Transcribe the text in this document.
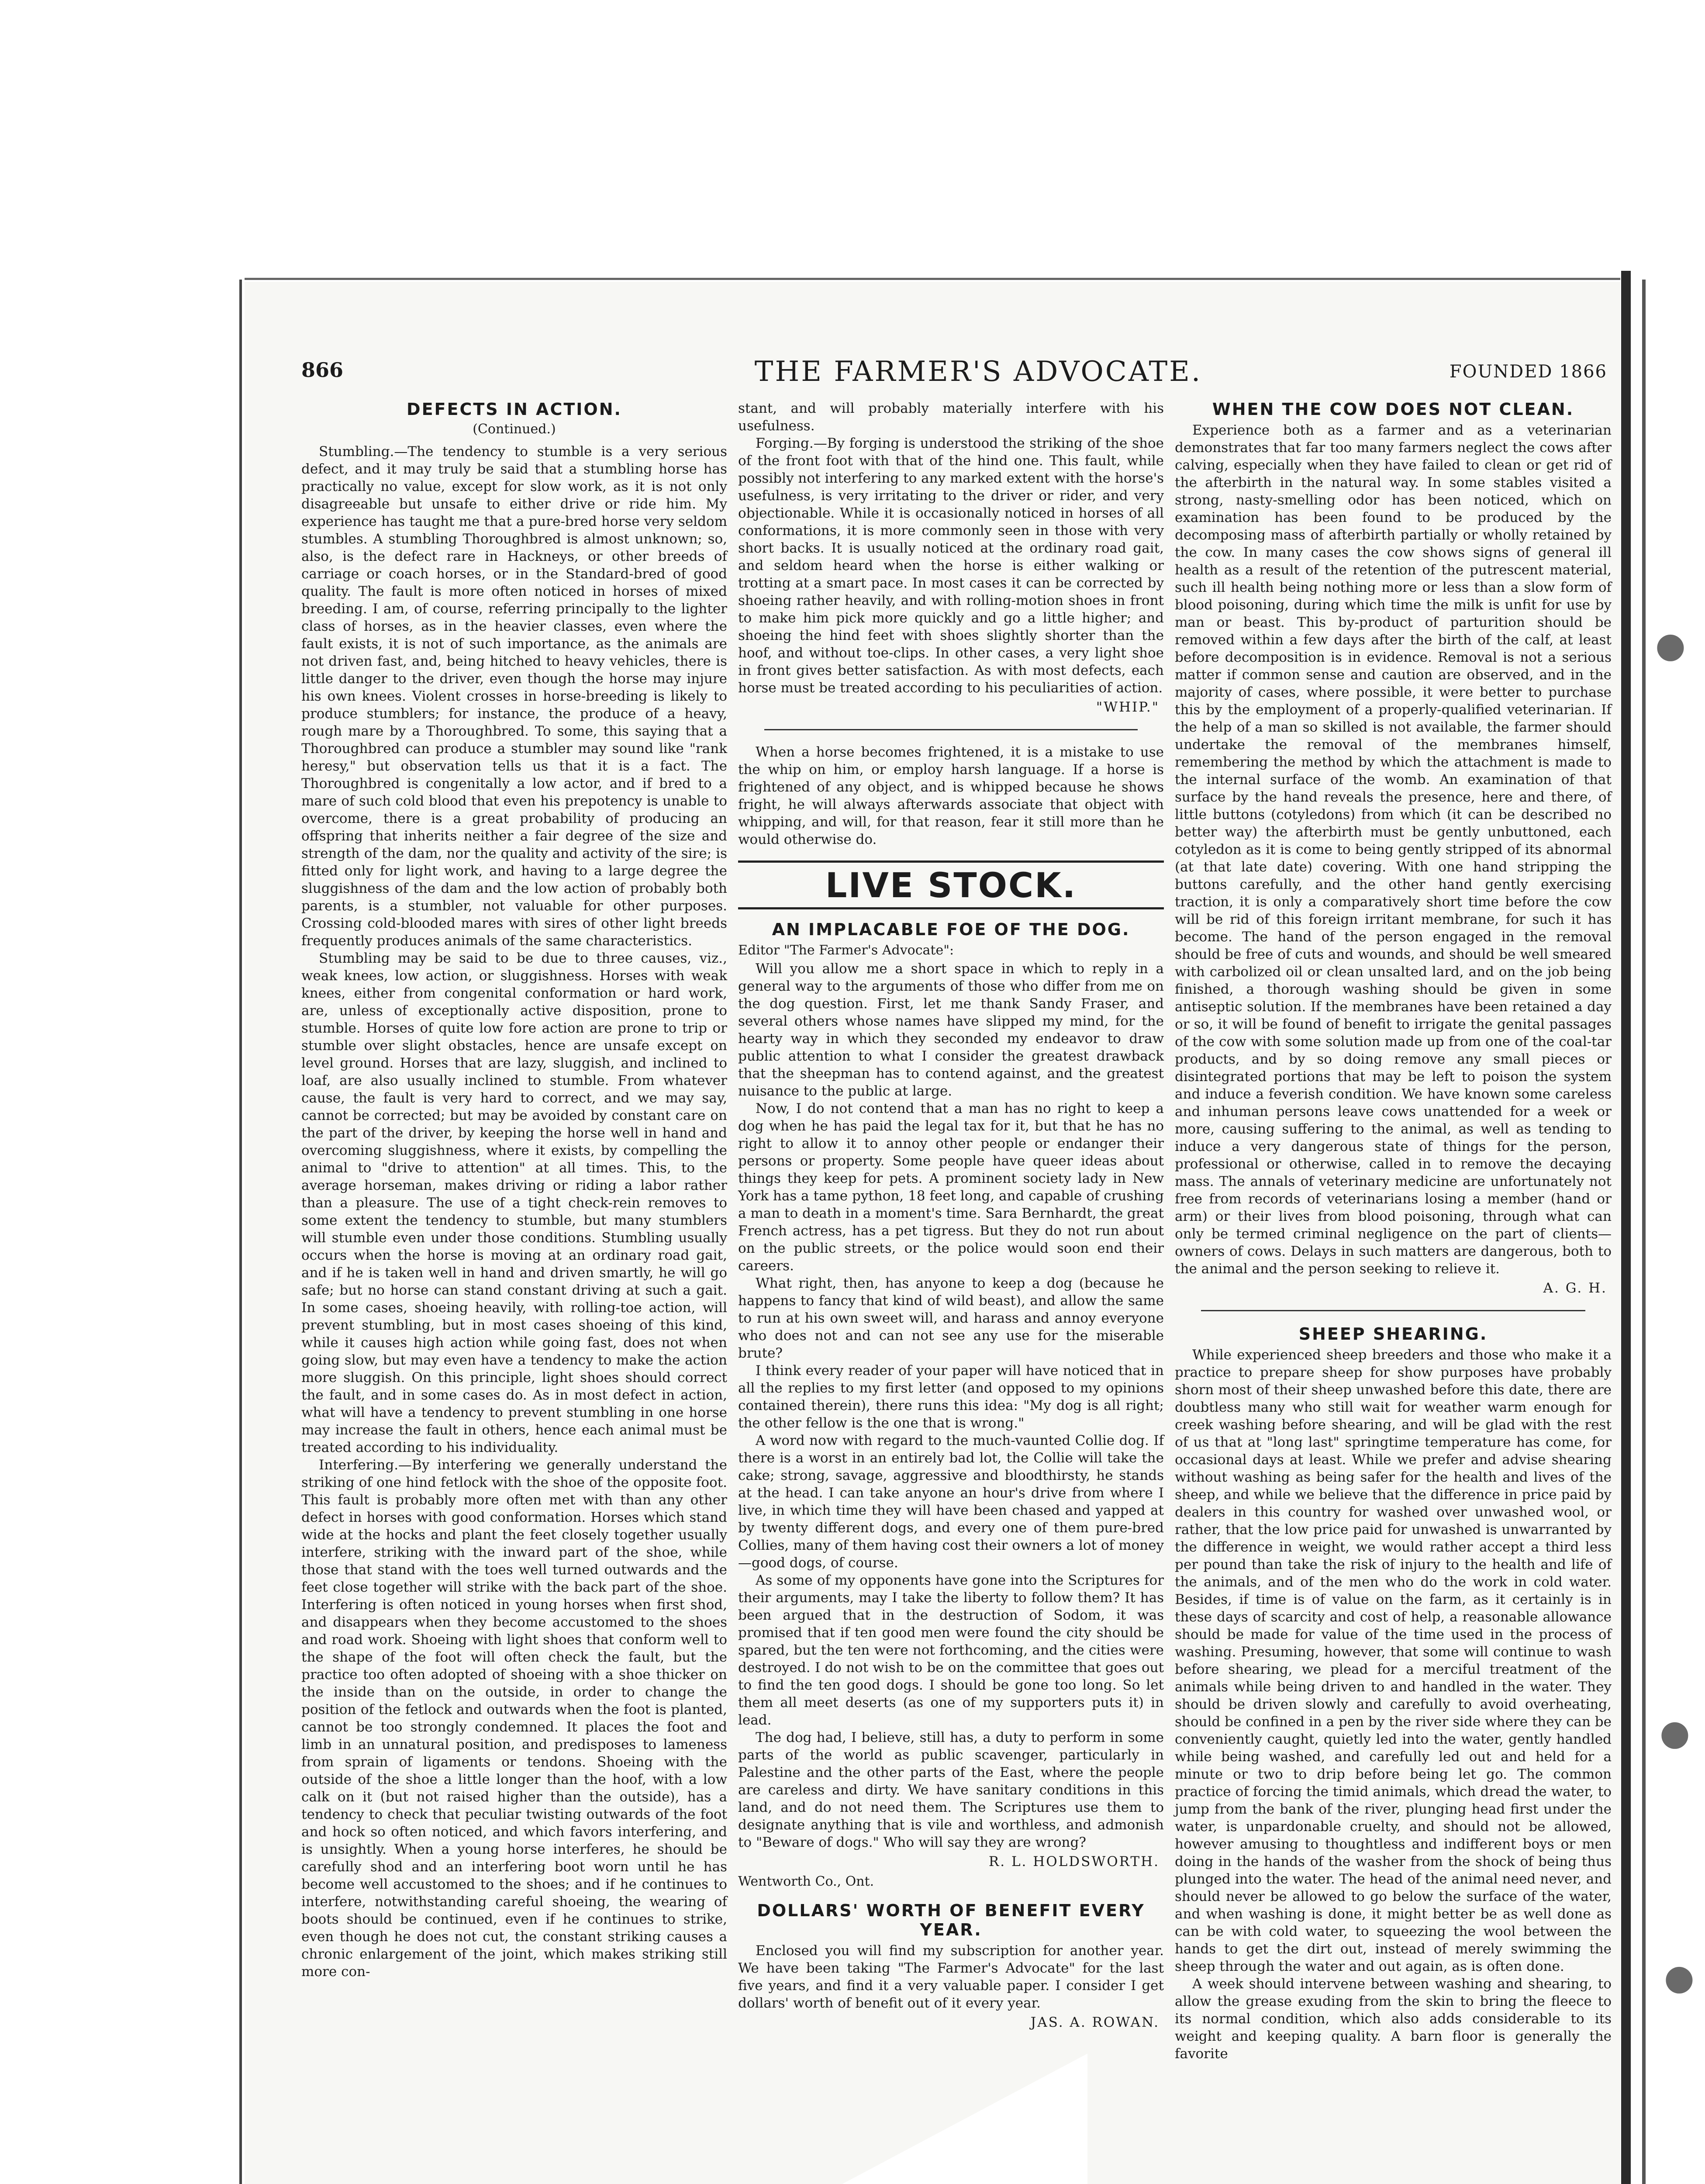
866	THE FARMER'S ADVOCATE.	FOUNDED 1866
DEFECTS IN ACTION.
(Continued.)

Stumbling.—The tendency to stumble is a very serious defect, and it may truly be said that a stumbling horse has practically no value, except for slow work, as it is not only disagreeable but unsafe to either drive or ride him. My experience has taught me that a pure-bred horse very seldom stumbles. A stumbling Thoroughbred is almost unknown; so, also, is the defect rare in Hackneys, or other breeds of carriage or coach horses, or in the Standard-bred of good quality. The fault is more often noticed in horses of mixed breeding. I am, of course, referring principally to the lighter class of horses, as in the heavier classes, even where the fault exists, it is not of such importance, as the animals are not driven fast, and, being hitched to heavy vehicles, there is little danger to the driver, even though the horse may injure his own knees. Violent crosses in horse-breeding is likely to produce stumblers; for instance, the produce of a heavy, rough mare by a Thoroughbred. To some, this saying that a Thoroughbred can produce a stumbler may sound like "rank heresy," but observation tells us that it is a fact. The Thoroughbred is congenitally a low actor, and if bred to a mare of such cold blood that even his prepotency is unable to overcome, there is a great probability of producing an offspring that inherits neither a fair degree of the size and strength of the dam, nor the quality and activity of the sire; is fitted only for light work, and having to a large degree the sluggishness of the dam and the low action of probably both parents, is a stumbler, not valuable for other purposes. Crossing cold-blooded mares with sires of other light breeds frequently produces animals of the same characteristics.

Stumbling may be said to be due to three causes, viz., weak knees, low action, or sluggishness. Horses with weak knees, either from congenital conformation or hard work, are, unless of exceptionally active disposition, prone to stumble. Horses of quite low fore action are prone to trip or stumble over slight obstacles, hence are unsafe except on level ground. Horses that are lazy, sluggish, and inclined to loaf, are also usually inclined to stumble. From whatever cause, the fault is very hard to correct, and we may say, cannot be corrected; but may be avoided by constant care on the part of the driver, by keeping the horse well in hand and overcoming sluggishness, where it exists, by compelling the animal to "drive to attention" at all times. This, to the average horseman, makes driving or riding a labor rather than a pleasure. The use of a tight check-rein removes to some extent the tendency to stumble, but many stumblers will stumble even under those conditions. Stumbling usually occurs when the horse is moving at an ordinary road gait, and if he is taken well in hand and driven smartly, he will go safe; but no horse can stand constant driving at such a gait. In some cases, shoeing heavily, with rolling-toe action, will prevent stumbling, but in most cases shoeing of this kind, while it causes high action while going fast, does not when going slow, but may even have a tendency to make the action more sluggish. On this principle, light shoes should correct the fault, and in some cases do. As in most defect in action, what will have a tendency to prevent stumbling in one horse may increase the fault in others, hence each animal must be treated according to his individuality.

Interfering.—By interfering we generally understand the striking of one hind fetlock with the shoe of the opposite foot. This fault is probably more often met with than any other defect in horses with good conformation. Horses which stand wide at the hocks and plant the feet closely together usually interfere, striking with the inward part of the shoe, while those that stand with the toes well turned outwards and the feet close together will strike with the back part of the shoe. Interfering is often noticed in young horses when first shod, and disappears when they become accustomed to the shoes and road work. Shoeing with light shoes that conform well to the shape of the foot will often check the fault, but the practice too often adopted of shoeing with a shoe thicker on the inside than on the outside, in order to change the position of the fetlock and outwards when the foot is planted, cannot be too strongly condemned. It places the foot and limb in an unnatural position, and predisposes to lameness from sprain of ligaments or tendons. Shoeing with the outside of the shoe a little longer than the hoof, with a low calk on it (but not raised higher than the outside), has a tendency to check that peculiar twisting outwards of the foot and hock so often noticed, and which favors interfering, and is unsightly. When a young horse interferes, he should be carefully shod and an interfering boot worn until he has become well accustomed to the shoes; and if he continues to interfere, notwithstanding careful shoeing, the wearing of boots should be continued, even if he continues to strike, even though he does not cut, the constant striking causes a chronic enlargement of the joint, which makes striking still more con-

stant, and will probably materially interfere with his usefulness.

Forging.—By forging is understood the striking of the shoe of the front foot with that of the hind one. This fault, while possibly not interfering to any marked extent with the horse's usefulness, is very irritating to the driver or rider, and very objectionable. While it is occasionally noticed in horses of all conformations, it is more commonly seen in those with very short backs. It is usually noticed at the ordinary road gait, and seldom heard when the horse is either walking or trotting at a smart pace. In most cases it can be corrected by shoeing rather heavily, and with rolling-motion shoes in front to make him pick more quickly and go a little higher; and shoeing the hind feet with shoes slightly shorter than the hoof, and without toe-clips. In other cases, a very light shoe in front gives better satisfaction. As with most defects, each horse must be treated according to his peculiarities of action.

"WHIP."

When a horse becomes frightened, it is a mistake to use the whip on him, or employ harsh language. If a horse is frightened of any object, and is whipped because he shows fright, he will always afterwards associate that object with whipping, and will, for that reason, fear it still more than he would otherwise do.

LIVE STOCK.
AN IMPLACABLE FOE OF THE DOG.
Editor "The Farmer's Advocate":

Will you allow me a short space in which to reply in a general way to the arguments of those who differ from me on the dog question. First, let me thank Sandy Fraser, and several others whose names have slipped my mind, for the hearty way in which they seconded my endeavor to draw public attention to what I consider the greatest drawback that the sheepman has to contend against, and the greatest nuisance to the public at large.

Now, I do not contend that a man has no right to keep a dog when he has paid the legal tax for it, but that he has no right to allow it to annoy other people or endanger their persons or property. Some people have queer ideas about things they keep for pets. A prominent society lady in New York has a tame python, 18 feet long, and capable of crushing a man to death in a moment's time. Sara Bernhardt, the great French actress, has a pet tigress. But they do not run about on the public streets, or the police would soon end their careers.

What right, then, has anyone to keep a dog (because he happens to fancy that kind of wild beast), and allow the same to run at his own sweet will, and harass and annoy everyone who does not and can not see any use for the miserable brute?

I think every reader of your paper will have noticed that in all the replies to my first letter (and opposed to my opinions contained therein), there runs this idea: "My dog is all right; the other fellow is the one that is wrong."

A word now with regard to the much-vaunted Collie dog. If there is a worst in an entirely bad lot, the Collie will take the cake; strong, savage, aggressive and bloodthirsty, he stands at the head. I can take anyone an hour's drive from where I live, in which time they will have been chased and yapped at by twenty different dogs, and every one of them pure-bred Collies, many of them having cost their owners a lot of money—good dogs, of course.

As some of my opponents have gone into the Scriptures for their arguments, may I take the liberty to follow them? It has been argued that in the destruction of Sodom, it was promised that if ten good men were found the city should be spared, but the ten were not forthcoming, and the cities were destroyed. I do not wish to be on the committee that goes out to find the ten good dogs. I should be gone too long. So let them all meet deserts (as one of my supporters puts it) in lead.

The dog had, I believe, still has, a duty to perform in some parts of the world as public scavenger, particularly in Palestine and the other parts of the East, where the people are careless and dirty. We have sanitary conditions in this land, and do not need them. The Scriptures use them to designate anything that is vile and worthless, and admonish to "Beware of dogs." Who will say they are wrong?

R. L. HOLDSWORTH.
Wentworth Co., Ont.
DOLLARS' WORTH OF BENEFIT EVERY YEAR.

Enclosed you will find my subscription for another year. We have been taking "The Farmer's Advocate" for the last five years, and find it a very valuable paper. I consider I get dollars' worth of benefit out of it every year.

JAS. A. ROWAN.
WHEN THE COW DOES NOT CLEAN.

Experience both as a farmer and as a veterinarian demonstrates that far too many farmers neglect the cows after calving, especially when they have failed to clean or get rid of the afterbirth in the natural way. In some stables visited a strong, nasty-smelling odor has been noticed, which on examination has been found to be produced by the decomposing mass of afterbirth partially or wholly retained by the cow. In many cases the cow shows signs of general ill health as a result of the retention of the putrescent material, such ill health being nothing more or less than a slow form of blood poisoning, during which time the milk is unfit for use by man or beast. This by-product of parturition should be removed within a few days after the birth of the calf, at least before decomposition is in evidence. Removal is not a serious matter if common sense and caution are observed, and in the majority of cases, where possible, it were better to purchase this by the employment of a properly-qualified veterinarian. If the help of a man so skilled is not available, the farmer should undertake the removal of the membranes himself, remembering the method by which the attachment is made to the internal surface of the womb. An examination of that surface by the hand reveals the presence, here and there, of little buttons (cotyledons) from which (it can be described no better way) the afterbirth must be gently unbuttoned, each cotyledon as it is come to being gently stripped of its abnormal (at that late date) covering. With one hand stripping the buttons carefully, and the other hand gently exercising traction, it is only a comparatively short time before the cow will be rid of this foreign irritant membrane, for such it has become. The hand of the person engaged in the removal should be free of cuts and wounds, and should be well smeared with carbolized oil or clean unsalted lard, and on the job being finished, a thorough washing should be given in some antiseptic solution. If the membranes have been retained a day or so, it will be found of benefit to irrigate the genital passages of the cow with some solution made up from one of the coal-tar products, and by so doing remove any small pieces or disintegrated portions that may be left to poison the system and induce a feverish condition. We have known some careless and inhuman persons leave cows unattended for a week or more, causing suffering to the animal, as well as tending to induce a very dangerous state of things for the person, professional or otherwise, called in to remove the decaying mass. The annals of veterinary medicine are unfortunately not free from records of veterinarians losing a member (hand or arm) or their lives from blood poisoning, through what can only be termed criminal negligence on the part of clients—owners of cows. Delays in such matters are dangerous, both to the animal and the person seeking to relieve it.

A. G. H.
SHEEP SHEARING.

While experienced sheep breeders and those who make it a practice to prepare sheep for show purposes have probably shorn most of their sheep unwashed before this date, there are doubtless many who still wait for weather warm enough for creek washing before shearing, and will be glad with the rest of us that at "long last" springtime temperature has come, for occasional days at least. While we prefer and advise shearing without washing as being safer for the health and lives of the sheep, and while we believe that the difference in price paid by dealers in this country for washed over unwashed wool, or rather, that the low price paid for unwashed is unwarranted by the difference in weight, we would rather accept a third less per pound than take the risk of injury to the health and life of the animals, and of the men who do the work in cold water. Besides, if time is of value on the farm, as it certainly is in these days of scarcity and cost of help, a reasonable allowance should be made for value of the time used in the process of washing. Presuming, however, that some will continue to wash before shearing, we plead for a merciful treatment of the animals while being driven to and handled in the water. They should be driven slowly and carefully to avoid overheating, should be confined in a pen by the river side where they can be conveniently caught, quietly led into the water, gently handled while being washed, and carefully led out and held for a minute or two to drip before being let go. The common practice of forcing the timid animals, which dread the water, to jump from the bank of the river, plunging head first under the water, is unpardonable cruelty, and should not be allowed, however amusing to thoughtless and indifferent boys or men doing in the hands of the washer from the shock of being thus plunged into the water. The head of the animal need never, and should never be allowed to go below the surface of the water, and when washing is done, it might better be as well done as can be with cold water, to squeezing the wool between the hands to get the dirt out, instead of merely swimming the sheep through the water and out again, as is often done.

A week should intervene between washing and shearing, to allow the grease exuding from the skin to bring the fleece to its normal condition, which also adds considerable to its weight and keeping quality. A barn floor is generally the favorite

●
●
●
